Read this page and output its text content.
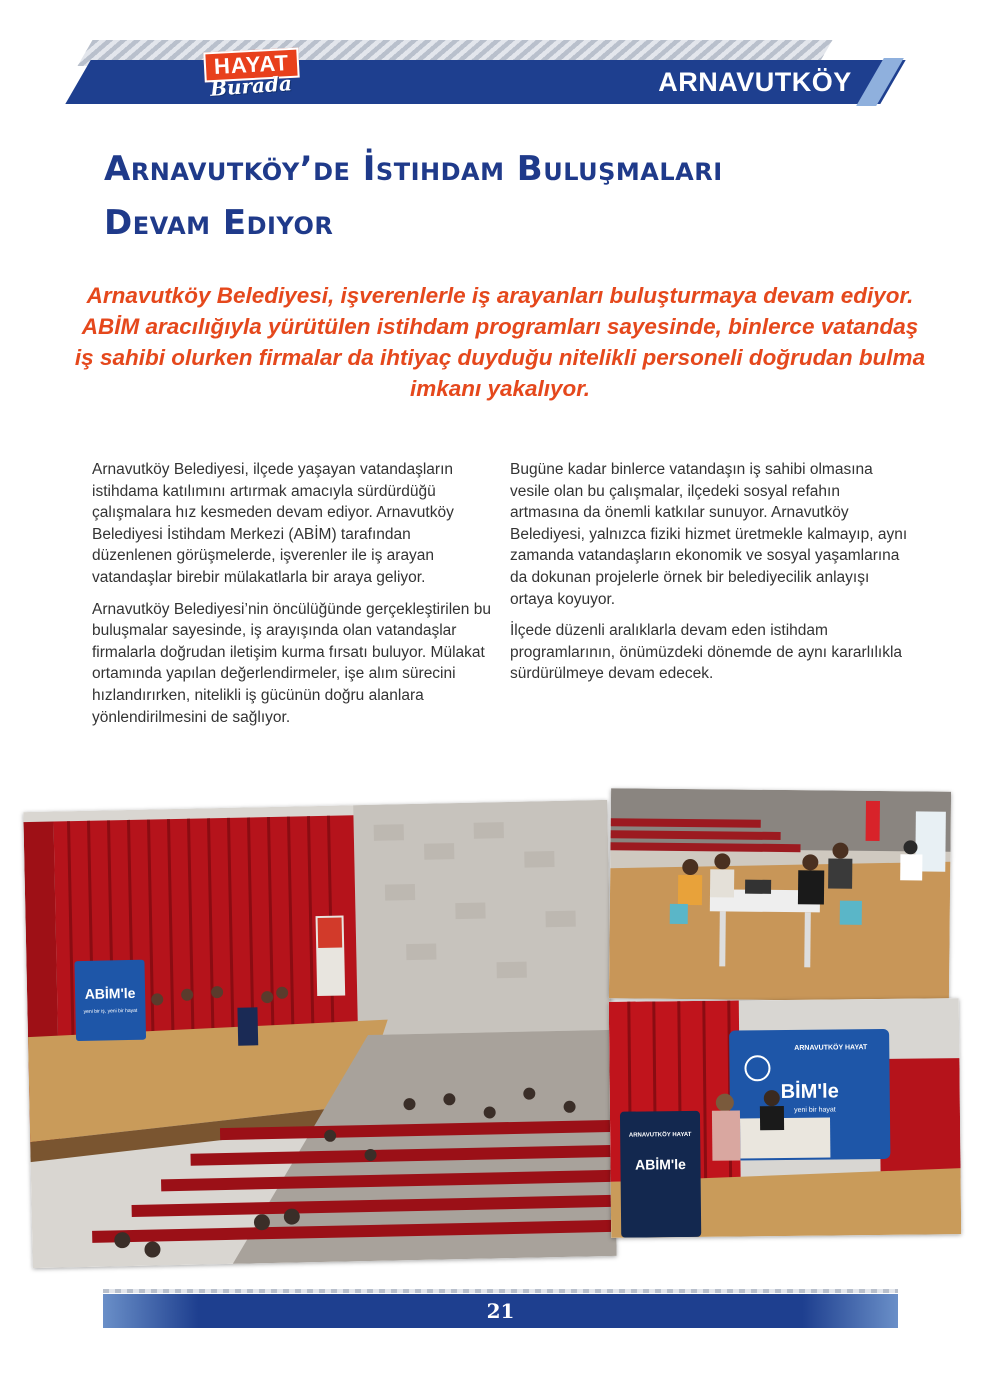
HAYAT
Burada	ARNAVUTKÖY
Arnavutköy’de İstihdam Buluşmaları
Devam Ediyor

Arnavutköy Belediyesi, işverenlerle iş arayanları buluşturmaya devam ediyor. ABİM aracılığıyla yürütülen istihdam programları sayesinde, binlerce vatandaş iş sahibi olurken firmalar da ihtiyaç duyduğu nitelikli personeli doğrudan bulma imkanı yakalıyor.

Arnavutköy Belediyesi, ilçede yaşayan vatandaşların istihdama katılımını artırmak amacıyla sürdürdüğü çalışmalara hız kesmeden devam ediyor. Arnavutköy Belediyesi İstihdam Merkezi (ABİM) tarafından düzenlenen görüşmelerde, işverenler ile iş arayan vatandaşlar birebir mülakatlarla bir araya geliyor.

Arnavutköy Belediyesi’nin öncülüğünde gerçekleştirilen bu buluşmalar sayesinde, iş arayışında olan vatandaşlar firmalarla doğrudan iletişim kurma fırsatı buluyor. Mülakat ortamında yapılan değerlendirmeler, işe alım sürecini hızlandırırken, nitelikli iş gücünün doğru alanlara yönlendirilmesini de sağlıyor.

Bugüne kadar binlerce vatandaşın iş sahibi olmasına vesile olan bu çalışmalar, ilçedeki sosyal refahın artmasına da önemli katkılar sunuyor. Arnavutköy Belediyesi, yalnızca fiziki hizmet üretmekle kalmayıp, aynı zamanda vatandaşların ekonomik ve sosyal yaşamlarına da dokunan projelerle örnek bir belediyecilik anlayışı ortaya koyuyor.

İlçede düzenli aralıklarla devam eden istihdam programlarının, önümüzdeki dönemde de aynı kararlılıkla sürdürülmeye devam edecek.

ABİM'le
yeni bir iş, yeni bir hayat
ARNAVUTKÖY HAYAT
BİM'le
yeni bir hayat
ARNAVUTKÖY HAYAT
ABİM'le
21
